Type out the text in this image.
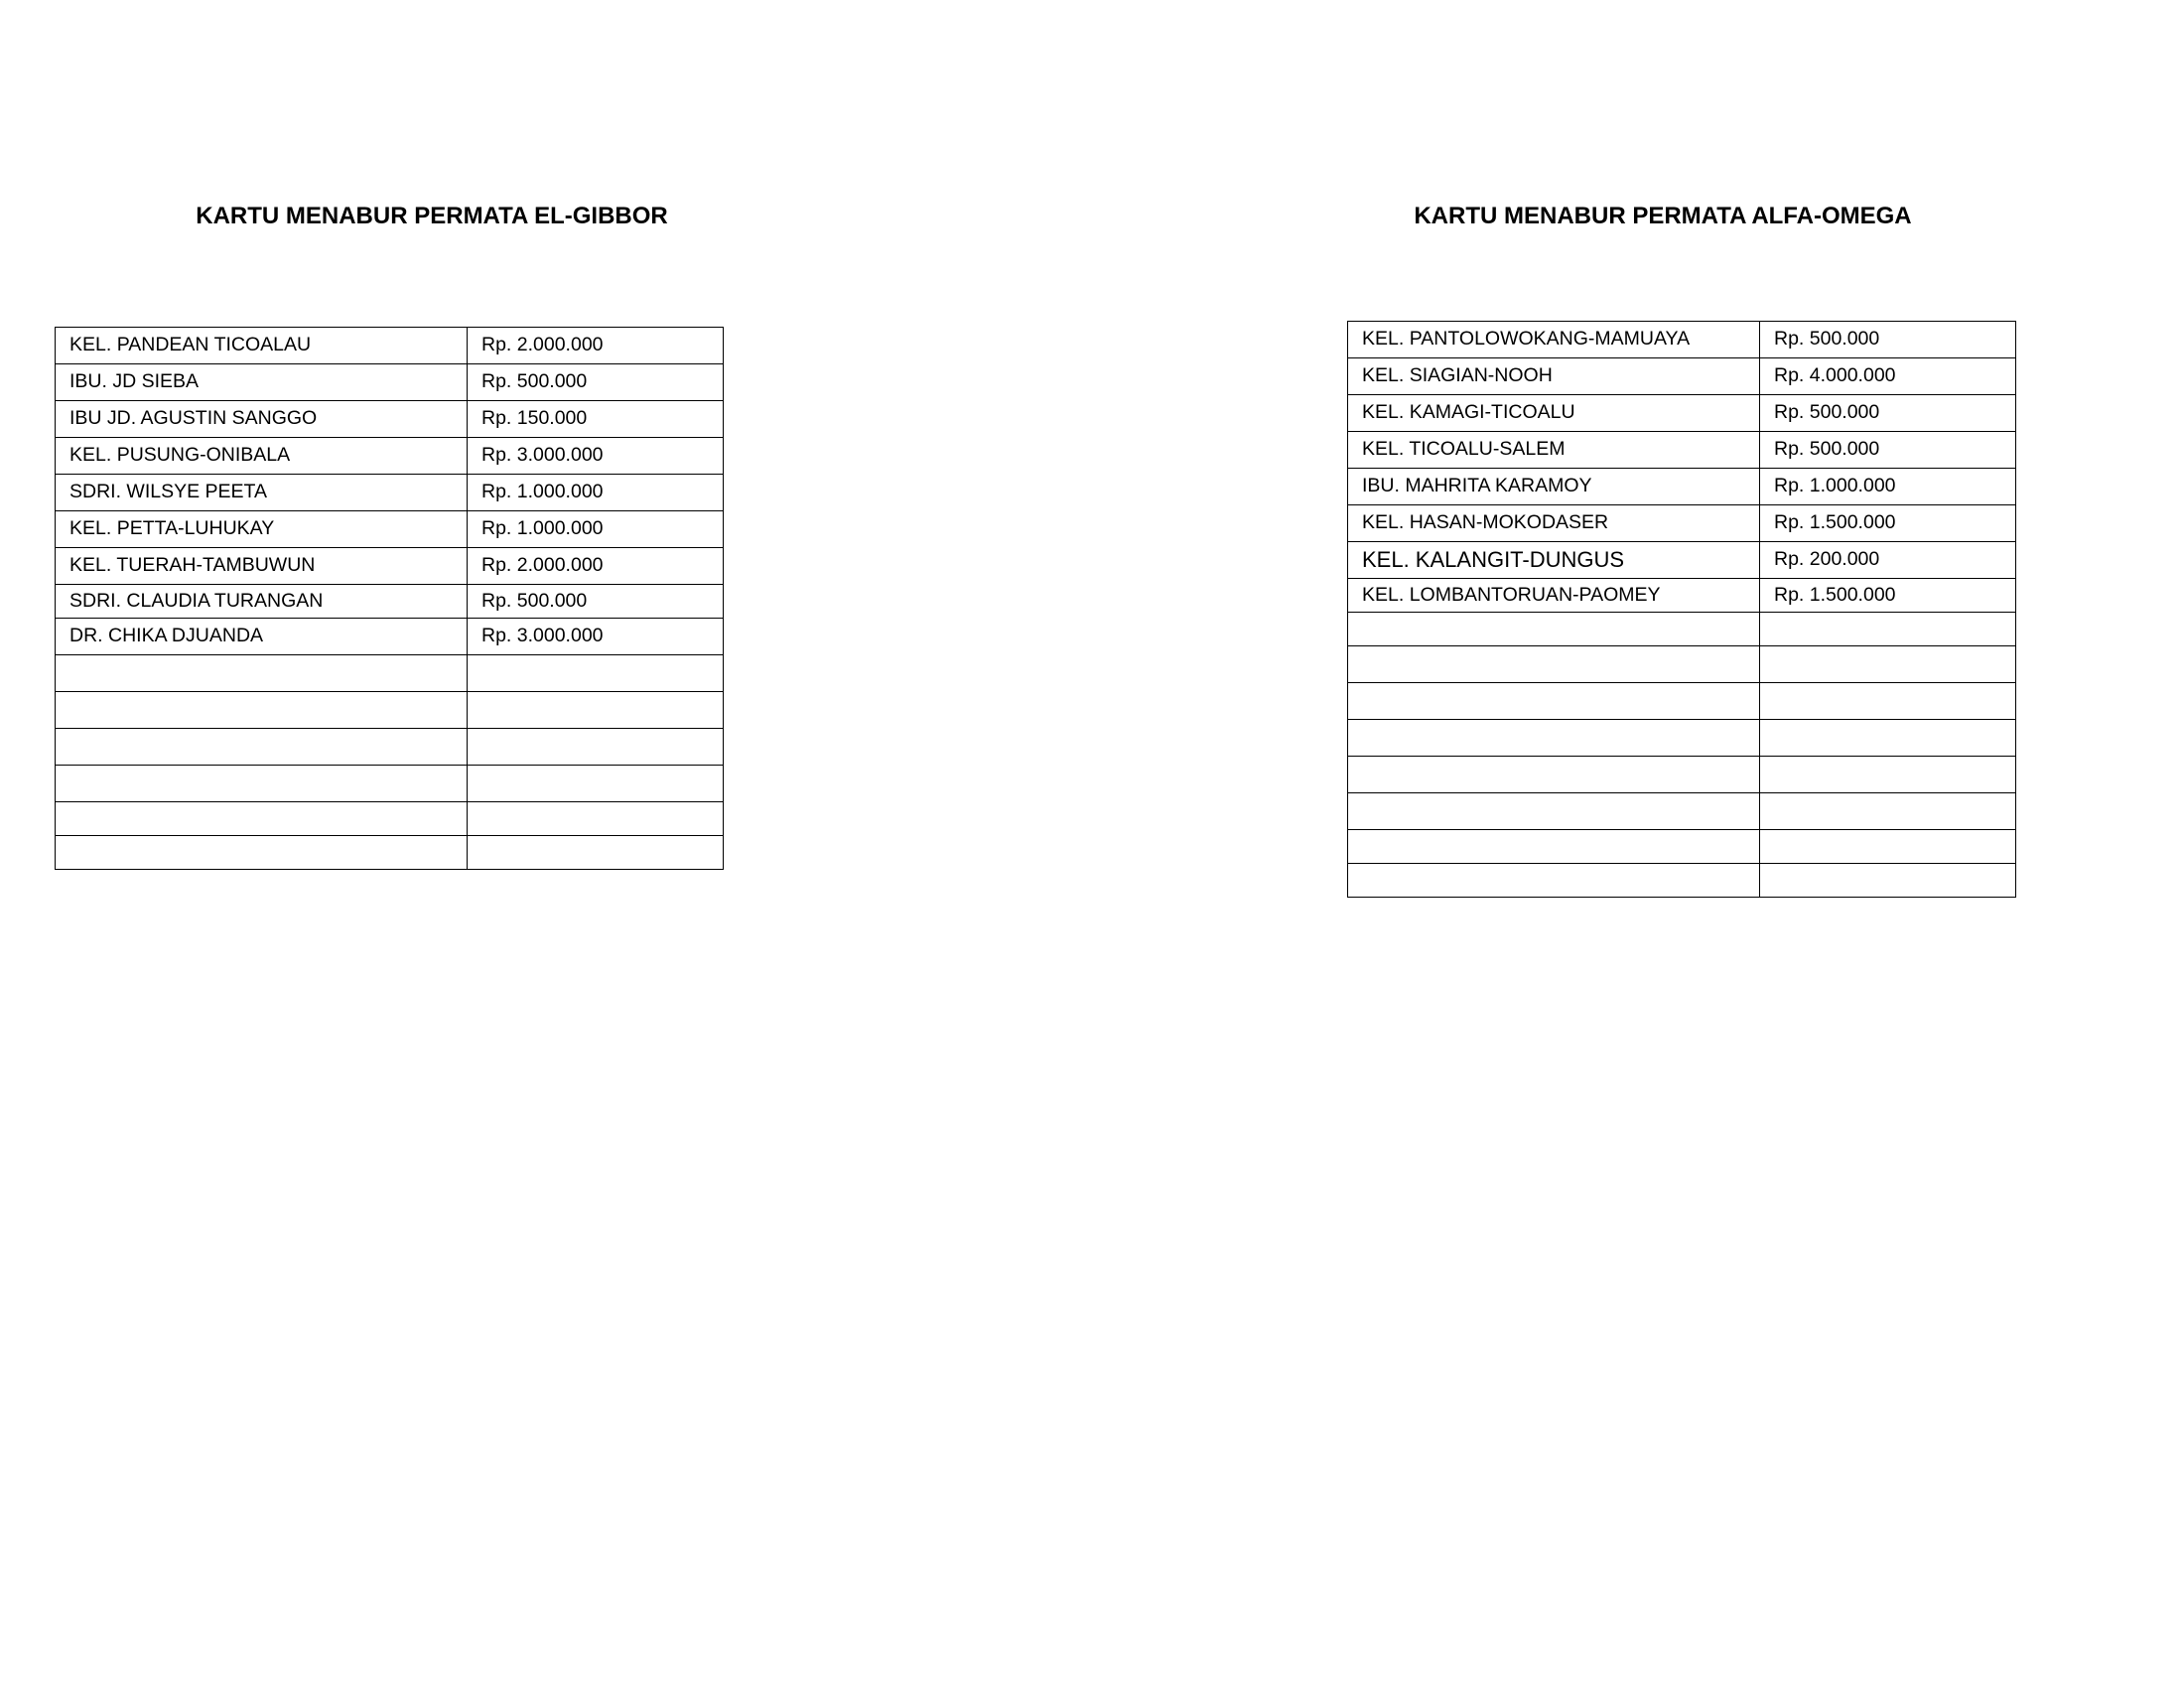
KARTU MENABUR PERMATA EL-GIBBOR	KARTU MENABUR PERMATA ALFA-OMEGA
KEL. PANDEAN TICOALAU	Rp. 2.000.000
IBU. JD SIEBA	Rp. 500.000
IBU JD. AGUSTIN SANGGO	Rp. 150.000
KEL. PUSUNG-ONIBALA	Rp. 3.000.000
SDRI. WILSYE PEETA	Rp. 1.000.000
KEL. PETTA-LUHUKAY	Rp. 1.000.000
KEL. TUERAH-TAMBUWUN	Rp. 2.000.000
SDRI. CLAUDIA TURANGAN	Rp. 500.000
DR. CHIKA DJUANDA	Rp. 3.000.000

KEL. PANTOLOWOKANG-MAMUAYA	Rp. 500.000
KEL. SIAGIAN-NOOH	Rp. 4.000.000
KEL. KAMAGI-TICOALU	Rp. 500.000
KEL. TICOALU-SALEM	Rp. 500.000
IBU. MAHRITA KARAMOY	Rp. 1.000.000
KEL. HASAN-MOKODASER	Rp. 1.500.000
KEL. KALANGIT-DUNGUS	Rp. 200.000
KEL. LOMBANTORUAN-PAOMEY	Rp. 1.500.000
